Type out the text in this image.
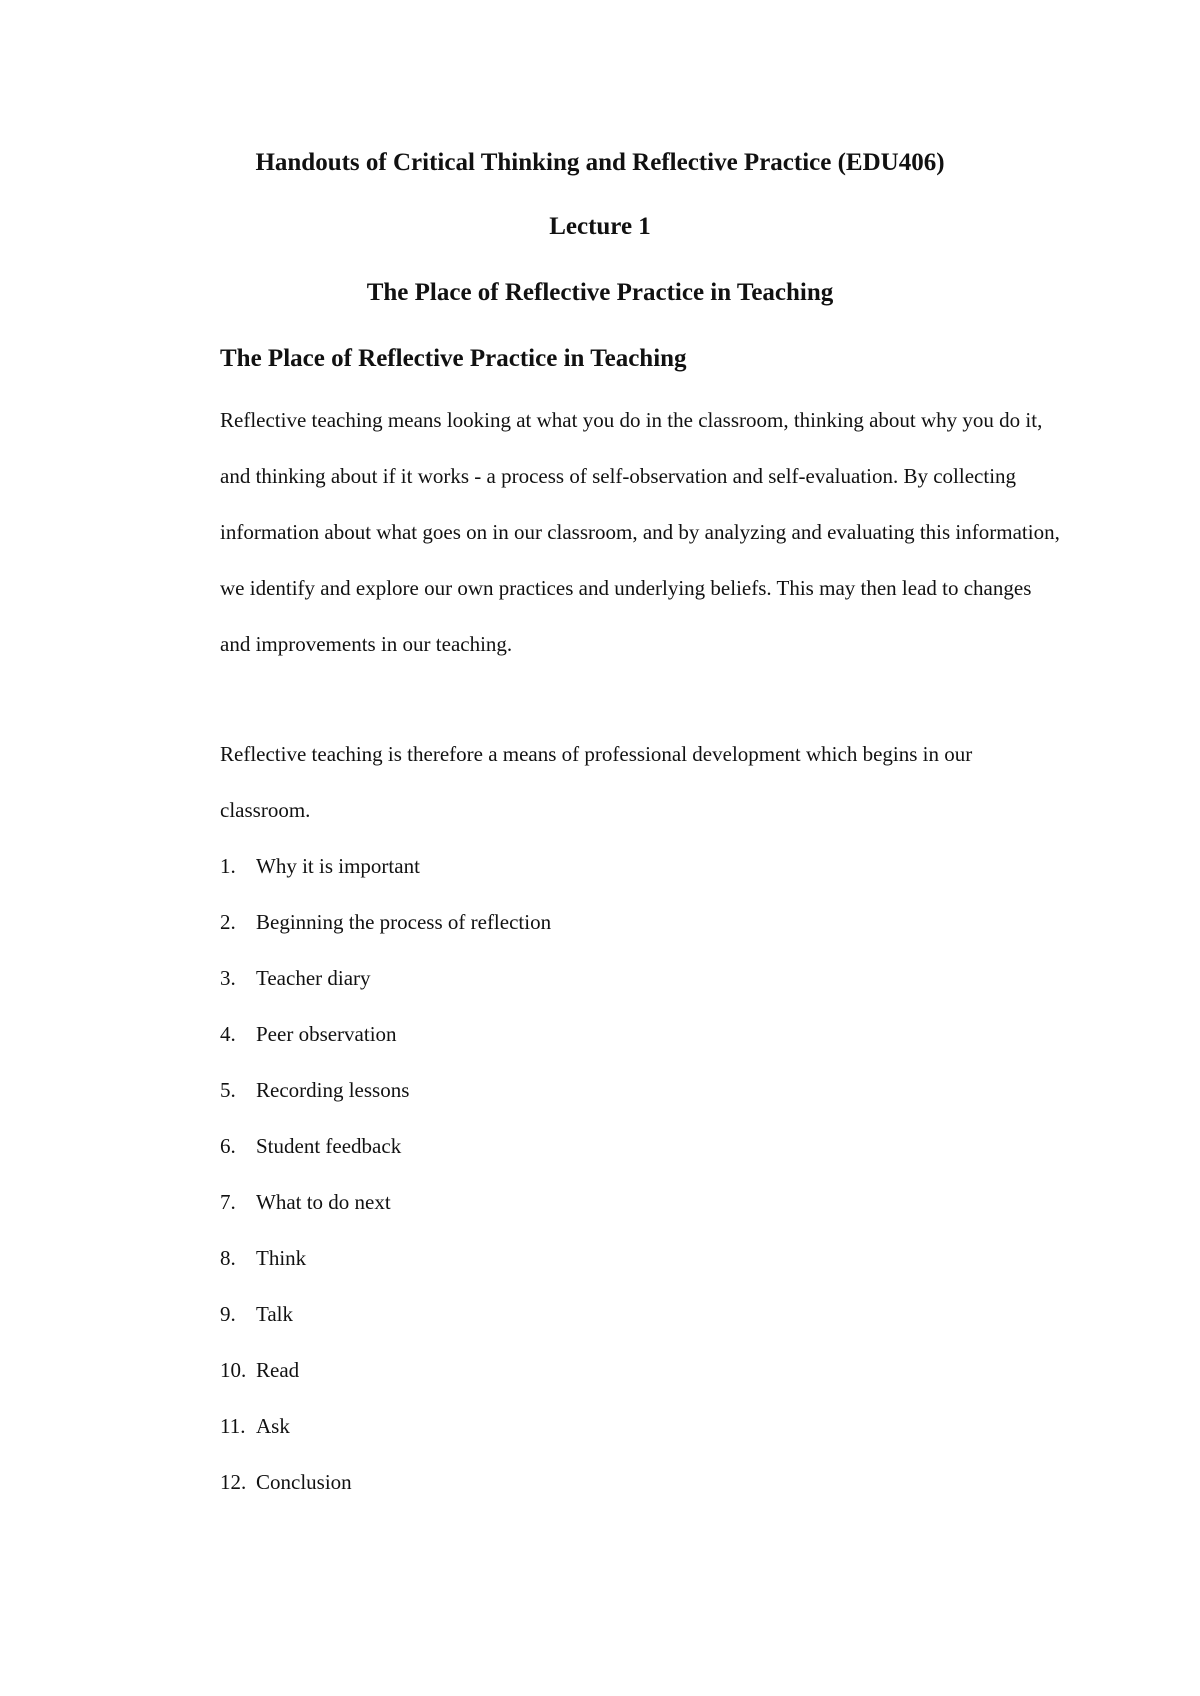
Handouts of Critical Thinking and Reflective Practice (EDU406)
Lecture 1
The Place of Reflective Practice in Teaching
The Place of Reflective Practice in Teaching

Reflective teaching means looking at what you do in the classroom, thinking about why you do it, and thinking about if it works - a process of self-observation and self-evaluation. By collecting information about what goes on in our classroom, and by analyzing and evaluating this information, we identify and explore our own practices and underlying beliefs. This may then lead to changes and improvements in our teaching.

Reflective teaching is therefore a means of professional development which begins in our classroom.

1. Why it is important
2. Beginning the process of reflection
3. Teacher diary
4. Peer observation
5. Recording lessons
6. Student feedback
7. What to do next
8. Think
9. Talk
10. Read
11. Ask
12. Conclusion
